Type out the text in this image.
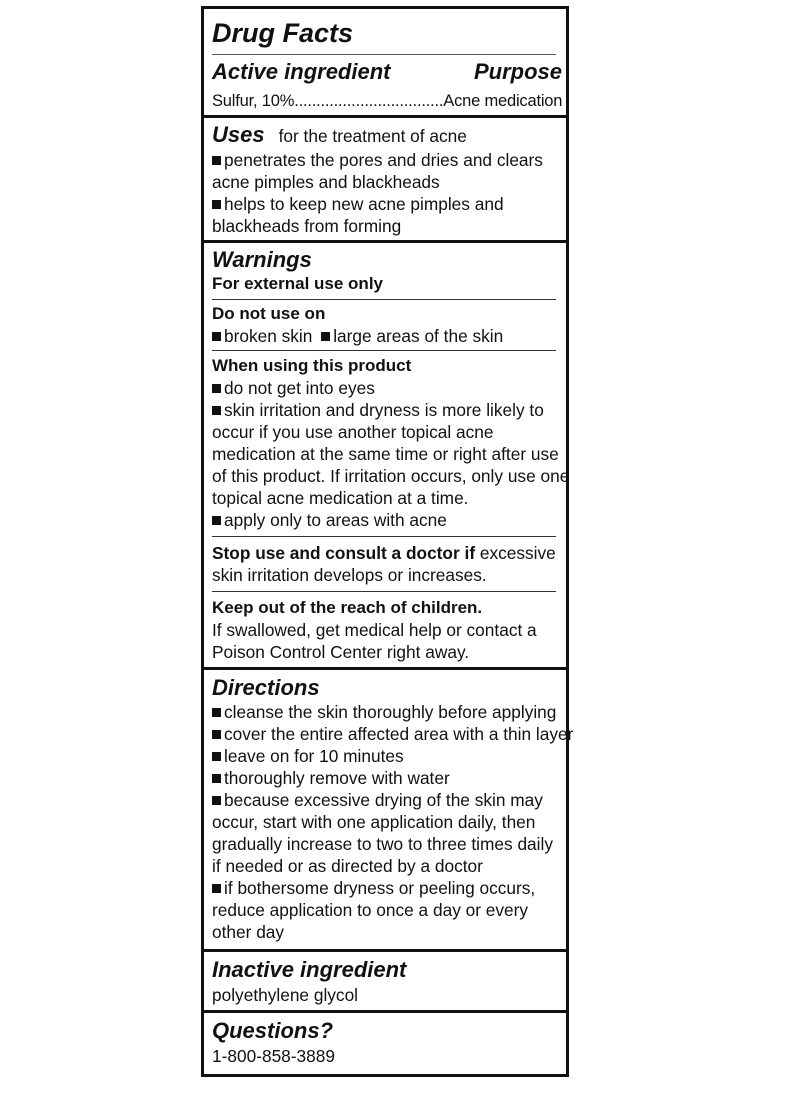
Drug Facts
Active ingredient	Purpose
Sulfur, 10%..................................Acne medication
Uses for the treatment of acne
penetrates the pores and dries and clears
acne pimples and blackheads
helps to keep new acne pimples and
blackheads from forming
Warnings
For external use only
Do not use on
broken skin large areas of the skin
When using this product
do not get into eyes
skin irritation and dryness is more likely to
occur if you use another topical acne
medication at the same time or right after use
of this product. If irritation occurs, only use one
topical acne medication at a time.
apply only to areas with acne
Stop use and consult a doctor if excessive
skin irritation develops or increases.
Keep out of the reach of children.
If swallowed, get medical help or contact a
Poison Control Center right away.
Directions
cleanse the skin thoroughly before applying
cover the entire affected area with a thin layer
leave on for 10 minutes
thoroughly remove with water
because excessive drying of the skin may
occur, start with one application daily, then
gradually increase to two to three times daily
if needed or as directed by a doctor
if bothersome dryness or peeling occurs,
reduce application to once a day or every
other day
Inactive ingredient
polyethylene glycol
Questions?
1-800-858-3889
